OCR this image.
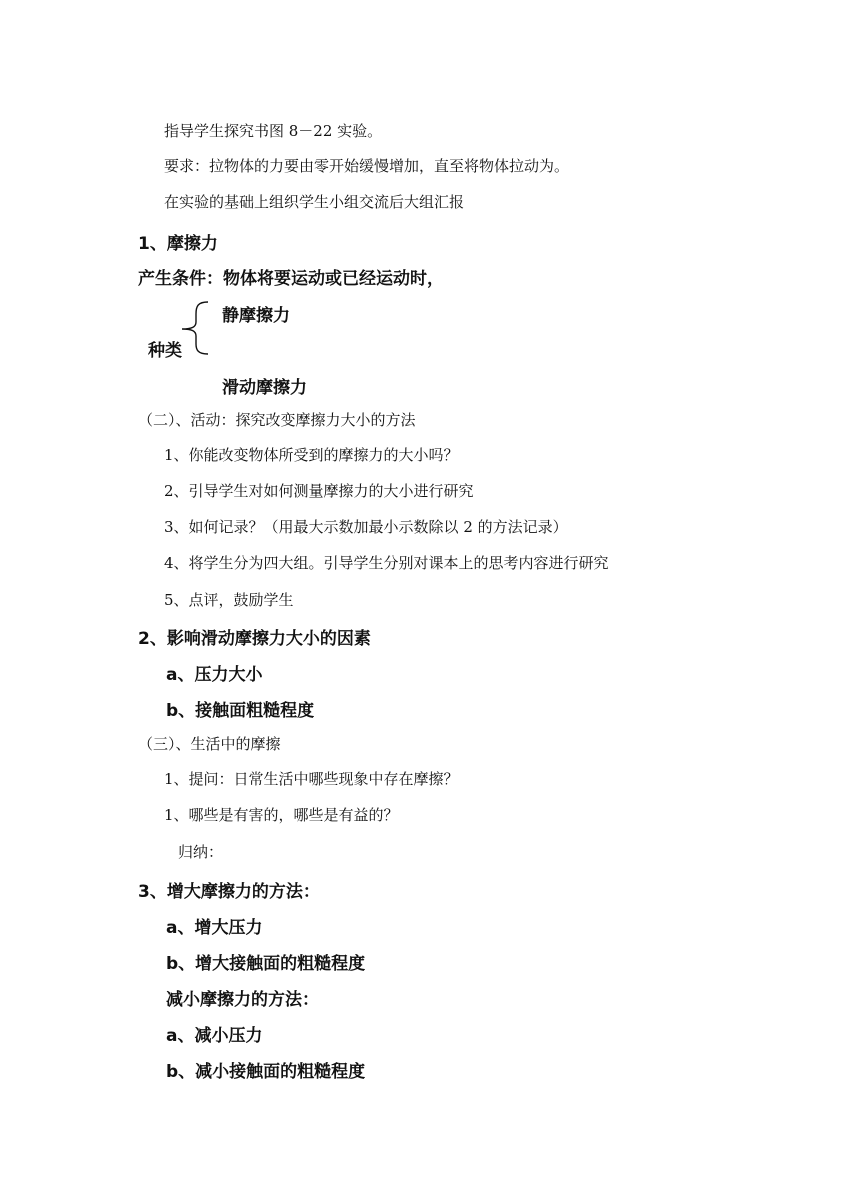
指导学生探究书图 8－22 实验。
要求：拉物体的力要由零开始缓慢增加，直至将物体拉动为。
在实验的基础上组织学生小组交流后大组汇报
1、摩擦力
产生条件：物体将要运动或已经运动时，
静摩擦力
种类
滑动摩擦力
（二）、活动：探究改变摩擦力大小的方法
1、你能改变物体所受到的摩擦力的大小吗？
2、引导学生对如何测量摩擦力的大小进行研究
3、如何记录？（用最大示数加最小示数除以 2 的方法记录）
4、将学生分为四大组。引导学生分别对课本上的思考内容进行研究
5、点评，鼓励学生
2、影响滑动摩擦力大小的因素
a、压力大小
b、接触面粗糙程度
（三）、生活中的摩擦
1、提问：日常生活中哪些现象中存在摩擦？
1、哪些是有害的，哪些是有益的？
归纳：
3、增大摩擦力的方法：
a、增大压力
b、增大接触面的粗糙程度
减小摩擦力的方法：
a、减小压力
b、减小接触面的粗糙程度
